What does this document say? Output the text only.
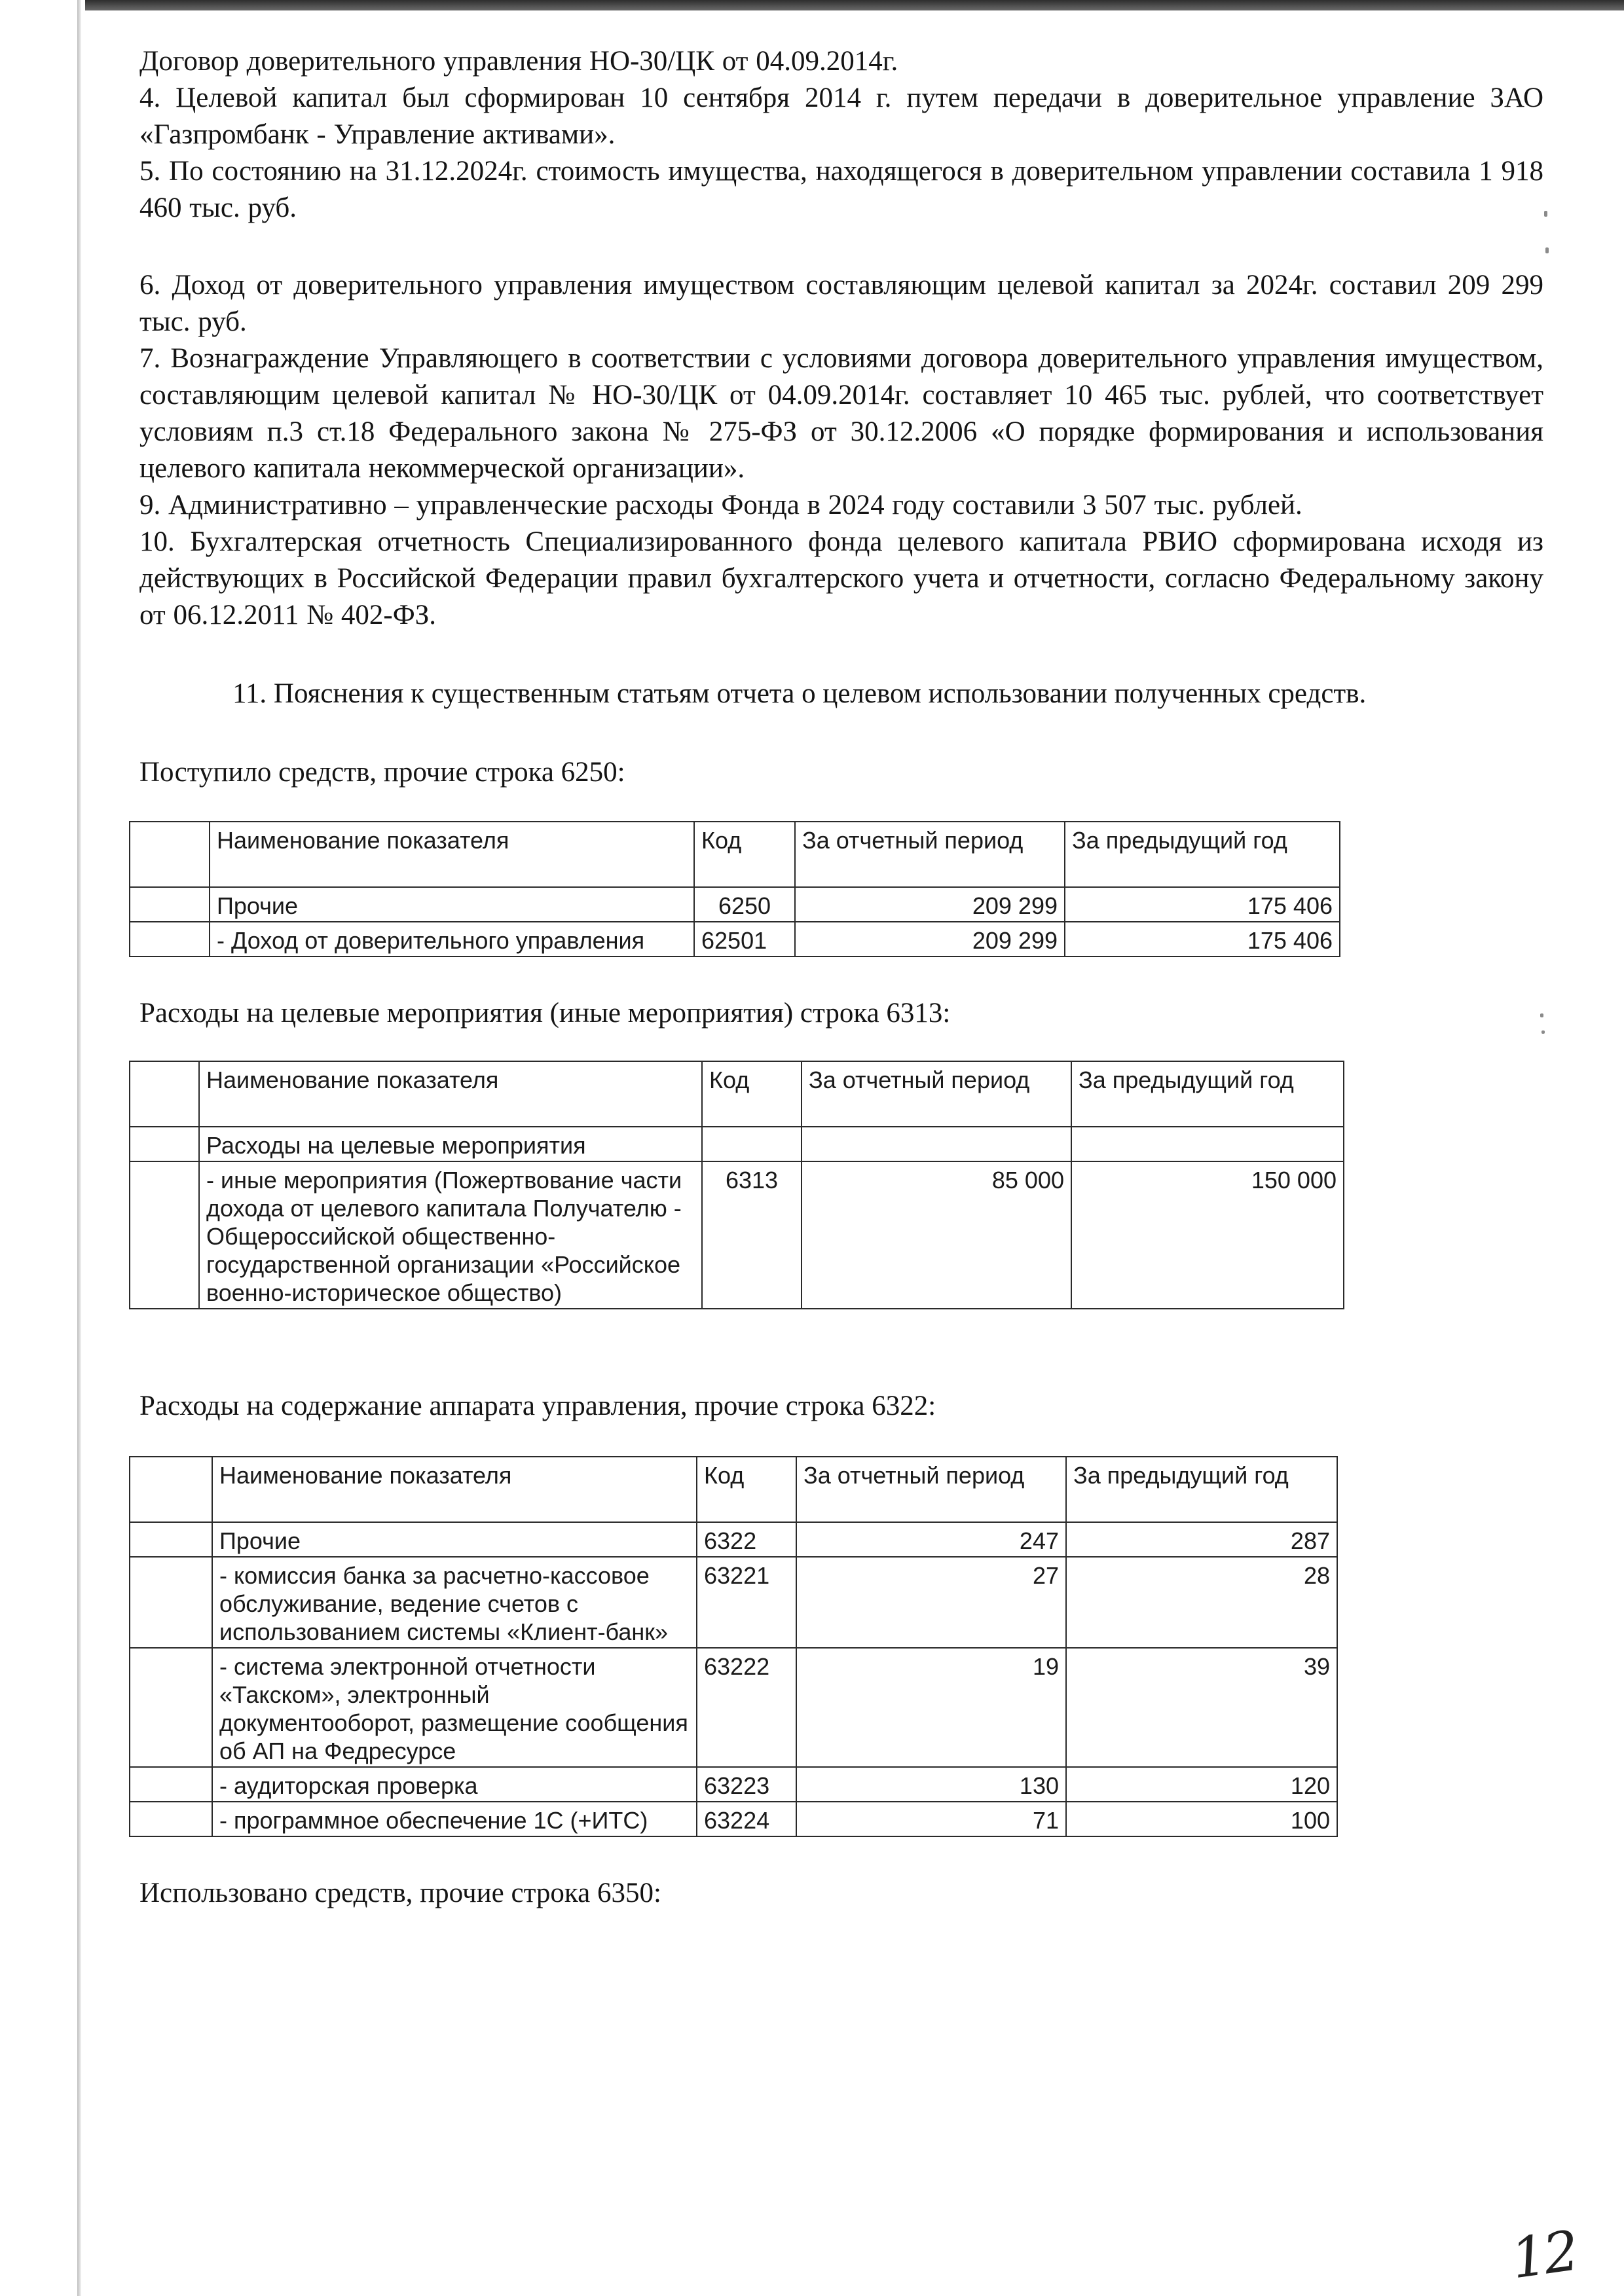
Договор доверительного управления НО-30/ЦК от 04.09.2014г.

4. Целевой капитал был сформирован 10 сентября 2014 г. путем передачи в доверительное управление ЗАО «Газпромбанк - Управление активами».

5. По состоянию на 31.12.2024г. стоимость имущества, находящегося в доверительном управлении составила 1 918 460 тыс. руб.

6. Доход от доверительного управления имуществом составляющим целевой капитал за 2024г. составил 209 299 тыс. руб.

7. Вознаграждение Управляющего в соответствии с условиями договора доверительного управления имуществом, составляющим целевой капитал № НО-30/ЦК от 04.09.2014г. составляет 10 465 тыс. рублей, что соответствует условиям п.3 ст.18 Федерального закона № 275-ФЗ от 30.12.2006 «О порядке формирования и использования целевого капитала некоммерческой организации».

9. Административно – управленческие расходы Фонда в 2024 году составили 3 507 тыс. рублей.

10. Бухгалтерская отчетность Специализированного фонда целевого капитала РВИО сформирована исходя из действующих в Российской Федерации правил бухгалтерского учета и отчетности, согласно Федеральному закону от 06.12.2011 № 402-ФЗ.

11. Пояснения к существенным статьям отчета о целевом использовании полученных средств.

Поступило средств, прочие строка 6250:

	Наименование показателя	Код	За отчетный период	За предыдущий год
	Прочие	6250	209 299	175 406
	- Доход от доверительного управления	62501	209 299	175 406

Расходы на целевые мероприятия (иные мероприятия) строка 6313:

	Наименование показателя	Код	За отчетный период	За предыдущий год
	Расходы на целевые мероприятия			
	- иные мероприятия (Пожертвование части дохода от целевого капитала Получателю - Общероссийской общественно-государственной организации «Российское военно-историческое общество)	6313	85 000	150 000

Расходы на содержание аппарата управления, прочие строка 6322:

	Наименование показателя	Код	За отчетный период	За предыдущий год
	Прочие	6322	247	287
	- комиссия банка за расчетно-кассовое обслуживание, ведение счетов с использованием системы «Клиент-банк»	63221	27	28
	- система электронной отчетности «Такском», электронный документооборот, размещение сообщения об АП на Федресурсе	63222	19	39
	- аудиторская проверка	63223	130	120
	- программное обеспечение 1С (+ИТС)	63224	71	100

Использовано средств, прочие строка 6350:

12
